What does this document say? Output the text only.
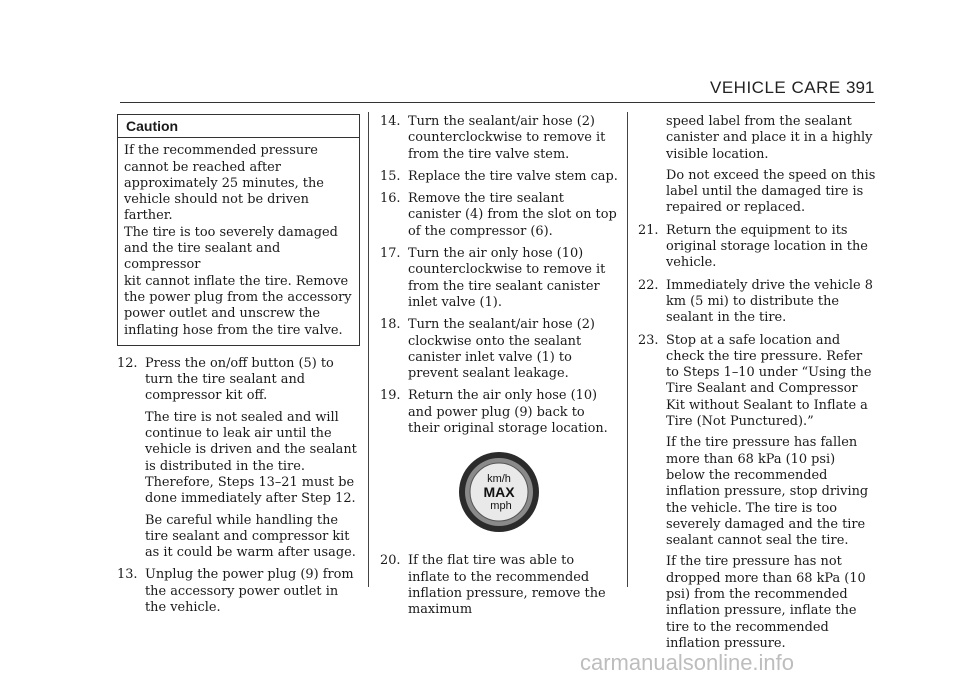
VEHICLE CARE 391
Caution
If the recommended pressure
cannot be reached after
approximately 25 minutes, the
vehicle should not be driven farther.
The tire is too severely damaged
and the tire sealant and compressor
kit cannot inflate the tire. Remove
the power plug from the accessory
power outlet and unscrew the
inflating hose from the tire valve.
12. Press the on/off button (5) to turn the tire sealant and compressor kit off.

The tire is not sealed and will continue to leak air until the vehicle is driven and the sealant is distributed in the tire. Therefore, Steps 13–21 must be done immediately after Step 12.

Be careful while handling the tire sealant and compressor kit as it could be warm after usage.

13. Unplug the power plug (9) from the accessory power outlet in the vehicle.

14. Turn the sealant/air hose (2) counterclockwise to remove it from the tire valve stem.

15. Replace the tire valve stem cap.

16. Remove the tire sealant canister (4) from the slot on top of the compressor (6).

17. Turn the air only hose (10) counterclockwise to remove it from the tire sealant canister inlet valve (1).

18. Turn the sealant/air hose (2) clockwise onto the sealant canister inlet valve (1) to prevent sealant leakage.

19. Return the air only hose (10) and power plug (9) back to their original storage location.

km/h
MAX
mph
20. If the flat tire was able to inflate to the recommended inflation pressure, remove the maximum

speed label from the sealant canister and place it in a highly visible location.

Do not exceed the speed on this label until the damaged tire is repaired or replaced.

21. Return the equipment to its original storage location in the vehicle.

22. Immediately drive the vehicle 8 km (5 mi) to distribute the sealant in the tire.

23. Stop at a safe location and check the tire pressure. Refer to Steps 1–10 under “Using the Tire Sealant and Compressor Kit without Sealant to Inflate a Tire (Not Punctured).”

If the tire pressure has fallen more than 68 kPa (10 psi) below the recommended inflation pressure, stop driving the vehicle. The tire is too severely damaged and the tire sealant cannot seal the tire.

If the tire pressure has not dropped more than 68 kPa (10 psi) from the recommended inflation pressure, inflate the tire to the recommended inflation pressure.

carmanualsonline.info
